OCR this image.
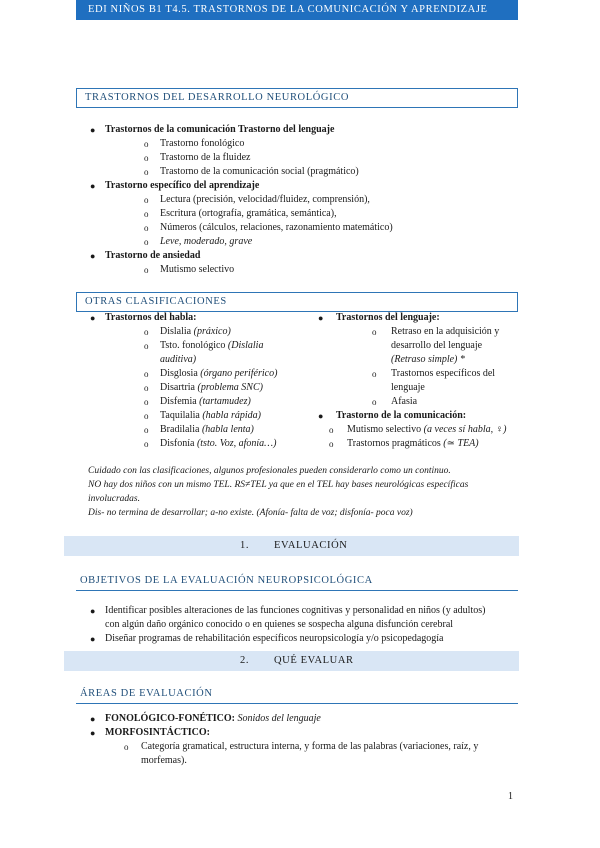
EDI NIÑOS B1 T4.5. TRASTORNOS DE LA COMUNICACIÓN Y APRENDIZAJE
TRASTORNOS DEL DESARROLLO NEUROLÓGICO
● Trastornos de la comunicación Trastorno del lenguaje
o Trastorno fonológico
o Trastorno de la fluidez
o Trastorno de la comunicación social (pragmático)
● Trastorno específico del aprendizaje
o Lectura (precisión, velocidad/fluidez, comprensión),
o Escritura (ortografía, gramática, semántica),
o Números (cálculos, relaciones, razonamiento matemático)
o Leve, moderado, grave
● Trastorno de ansiedad
o Mutismo selectivo
OTRAS CLASIFICACIONES
● Trastornos del habla:
o Dislalia (práxico)
o Tsto. fonológico (Dislalia
auditiva)
o Disglosia (órgano periférico)
o Disartria (problema SNC)
o Disfemia (tartamudez)
o Taquilalia (habla rápida)
o Bradilalia (habla lenta)
o Disfonía (tsto. Voz, afonía…)
● Trastornos del lenguaje:
o Retraso en la adquisición y
desarrollo del lenguaje
(Retraso simple) *
o Trastornos específicos del
lenguaje
o Afasia
● Trastorno de la comunicación:
o Mutismo selectivo (a veces sí habla, ♀)
o Trastornos pragmáticos (≃ TEA)
Cuidado con las clasificaciones, algunos profesionales pueden considerarlo como un continuo.
NO hay dos niños con un mismo TEL. RS≠TEL ya que en el TEL hay bases neurológicas específicas
involucradas.
Dis- no termina de desarrollar; a-no existe. (Afonía- falta de voz; disfonía- poca voz)
1. EVALUACIÓN
OBJETIVOS DE LA EVALUACIÓN NEUROPSICOLÓGICA
● Identificar posibles alteraciones de las funciones cognitivas y personalidad en niños (y adultos)
con algún daño orgánico conocido o en quienes se sospecha alguna disfunción cerebral
● Diseñar programas de rehabilitación específicos neuropsicología y/o psicopedagogía
2. QUÉ EVALUAR
ÁREAS DE EVALUACIÓN
● FONOLÓGICO-FONÉTICO: Sonidos del lenguaje
● MORFOSINTÁCTICO:
o Categoría gramatical, estructura interna, y forma de las palabras (variaciones, raíz, y
morfemas).
1
